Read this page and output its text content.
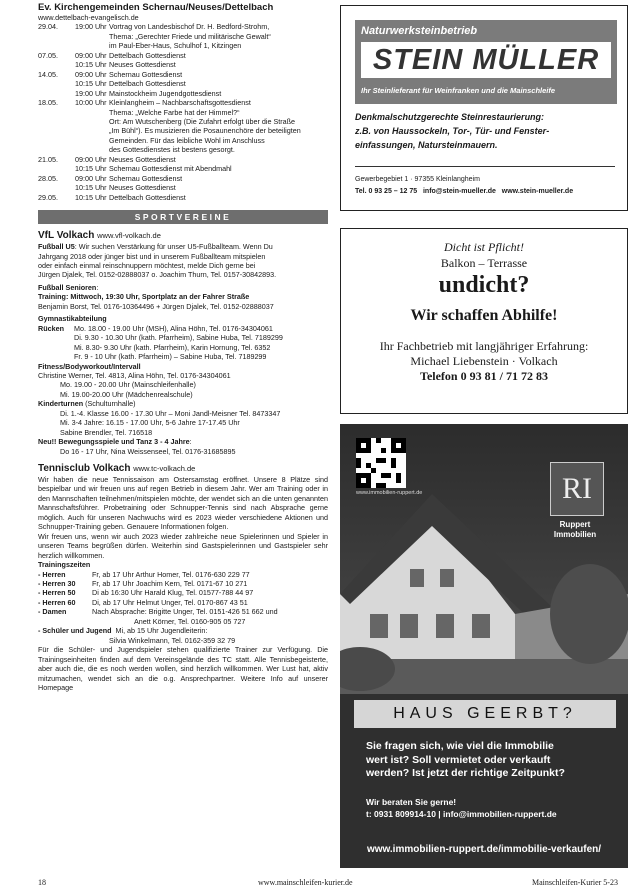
Ev. Kirchengemeinden Schernau/Neuses/Dettelbach
www.dettelbach-evangelisch.de
29.04.	19:00 Uhr Vortrag von Landesbischof Dr. H. Bedford-Strohm,
Thema: „Gerechter Friede und militärische Gewalt“
im Paul-Eber-Haus, Schulhof 1, Kitzingen
07.05.	09:00 Uhr Dettelbach Gottesdienst
10:15 Uhr Neuses Gottesdienst
14.05.	09:00 Uhr Schernau Gottesdienst
10:15 Uhr Dettelbach Gottesdienst
19:00 Uhr Mainstockheim Jugendgottesdienst
18.05.	10:00 Uhr Kleinlangheim – Nachbarschaftsgottesdienst
Thema: „Welche Farbe hat der Himmel?“
Ort: Am Wutschenberg (Die Zufahrt erfolgt über die Straße
„Im Bühl“). Es musizieren die Posaunenchöre der beteiligten
Gemeinden. Für das leibliche Wohl im Anschluss
des Gottesdienstes ist bestens gesorgt.
21.05.	09:00 Uhr Neuses Gottesdienst
10:15 Uhr Schernau Gottesdienst mit Abendmahl
28.05.	09:00 Uhr Schernau Gottesdienst
10:15 Uhr Neuses Gottesdienst
29.05.	10:15 Uhr Dettelbach Gottesdienst
SPORTVEREINE
VfL Volkach www.vfl-volkach.de
Fußball U5: Wir suchen Verstärkung für unser U5-Fußballteam. Wenn Du
Jahrgang 2018 oder jünger bist und in unserem Fußballteam mitspielen
oder einfach einmal reinschnuppern möchtest, melde Dich gerne bei
Jürgen Djalek, Tel. 0152-02888037 o. Joachim Thurn, Tel. 0157-30842893.
Fußball Senioren:
Training: Mittwoch, 19:30 Uhr, Sportplatz an der Fahrer Straße
Benjamin Borst, Tel. 0176-10364496 + Jürgen Djalek, Tel. 0152-02888037
Gymnastikabteilung
Rücken	Mo. 18.00 - 19.00 Uhr (MSH), Alina Höhn, Tel. 0176-34304061
Di. 9.30 - 10.30 Uhr (kath. Pfarrheim), Sabine Huba, Tel. 7189299
Mi. 8.30- 9.30 Uhr (kath. Pfarrheim), Karin Hornung, Tel. 6352
Fr. 9 - 10 Uhr (kath. Pfarrheim) – Sabine Huba, Tel. 7189299
Fitness/Bodyworkout/Intervall
Christine Werner, Tel. 4813, Alina Höhn, Tel. 0176-34304061
Mo. 19.00 - 20.00 Uhr (Mainschleifenhalle)
Mi. 19.00-20.00 Uhr (Mädchenrealschule)
Kinderturnen (Schulturnhalle)
Di. 1.-4. Klasse 16.00 - 17.30 Uhr – Moni Jandl-Meisner Tel. 8473347
Mi. 3-4 Jahre: 16.15 - 17.00 Uhr, 5-6 Jahre 17-17.45 Uhr
Sabine Brendler, Tel. 716518
Neu!! Bewegungsspiele und Tanz 3 - 4 Jahre:
Do 16 - 17 Uhr, Nina Weissenseel, Tel. 0176-31685895
Tennisclub Volkach www.tc-volkach.de
Wir haben die neue Tennissaison am Ostersamstag eröffnet. Unsere 8 Plätze sind bespielbar und wir freuen uns auf regen Betrieb in diesem Jahr. Wer am Training oder in den Mannschaften teilnehmen/mitspielen möchte, der wendet sich an die unten genannten Mannschaftsführer. Probetraining oder Schnupper-Tennis sind nach Absprache gerne möglich. Auch für unseren Nachwuchs wird es 2023 wieder verschiedene Aktionen und Schnupper-Training geben. Genauere Informationen folgen.
Wir freuen uns, wenn wir auch 2023 wieder zahlreiche neue Spielerinnen und Spieler in unseren Teams begrüßen dürfen. Weiterhin sind Gastspielerinnen und Gastspieler sehr herzlich willkommen.
Trainingszeiten
- Herren	Fr, ab 17 Uhr Arthur Homer, Tel. 0176-630 229 77
- Herren 30	Fr, ab 17 Uhr Joachim Kern, Tel. 0171-67 10 271
- Herren 50	Di ab 16:30 Uhr Harald Klug, Tel. 01577-788 44 97
- Herren 60	Di, ab 17 Uhr Helmut Unger, Tel. 0170-867 43 51
- Damen	Nach Absprache: Brigitte Unger, Tel. 0151-426 51 662 und
Anett Körner, Tel. 0160-905 05 727
- Schüler und Jugend Mi, ab 15 Uhr Jugendleiterin:
Silvia Winkelmann, Tel. 0162-359 32 79
Für die Schüler- und Jugendspieler stehen qualifizierte Trainer zur Verfügung. Die Trainingseinheiten finden auf dem Vereinsgelände des TC statt. Alle Tennisbegeisterte, aber auch die, die es noch werden wollen, sind herzlich willkommen. Wer Lust hat, aktiv mitzumachen, wendet sich an die o.g. Ansprechpartner. Weitere Info auf unserer Homepage
18	www.mainschleifen-kurier.de	Mainschleifen-Kurier 5-23
Naturwerksteinbetrieb
STEIN MÜLLER
Ihr Steinlieferant für Weinfranken und die Mainschleife
Denkmalschutzgerechte Steinrestaurierung:
z.B. von Haussockeln, Tor-, Tür- und Fenster-
einfassungen, Natursteinmauern.
Gewerbegebiet 1 · 97355 Kleinlangheim
Tel. 0 93 25 – 12 75 info@stein-mueller.de www.stein-mueller.de
Dicht ist Pflicht!
Balkon – Terrasse
undicht?
Wir schaffen Abhilfe!
Ihr Fachbetrieb mit langjähriger Erfahrung:
Michael Liebenstein · Volkach
Telefon 0 93 81 / 71 72 83
www.immobilien-ruppert.de	RI
Ruppert
Immobilien
HAUS GEERBT?
Sie fragen sich, wie viel die Immobilie
wert ist? Soll vermietet oder verkauft
werden? Ist jetzt der richtige Zeitpunkt?
Wir beraten Sie gerne!
t: 0931 809914-10 | info@immobilien-ruppert.de
www.immobilien-ruppert.de/immobilie-verkaufen/
